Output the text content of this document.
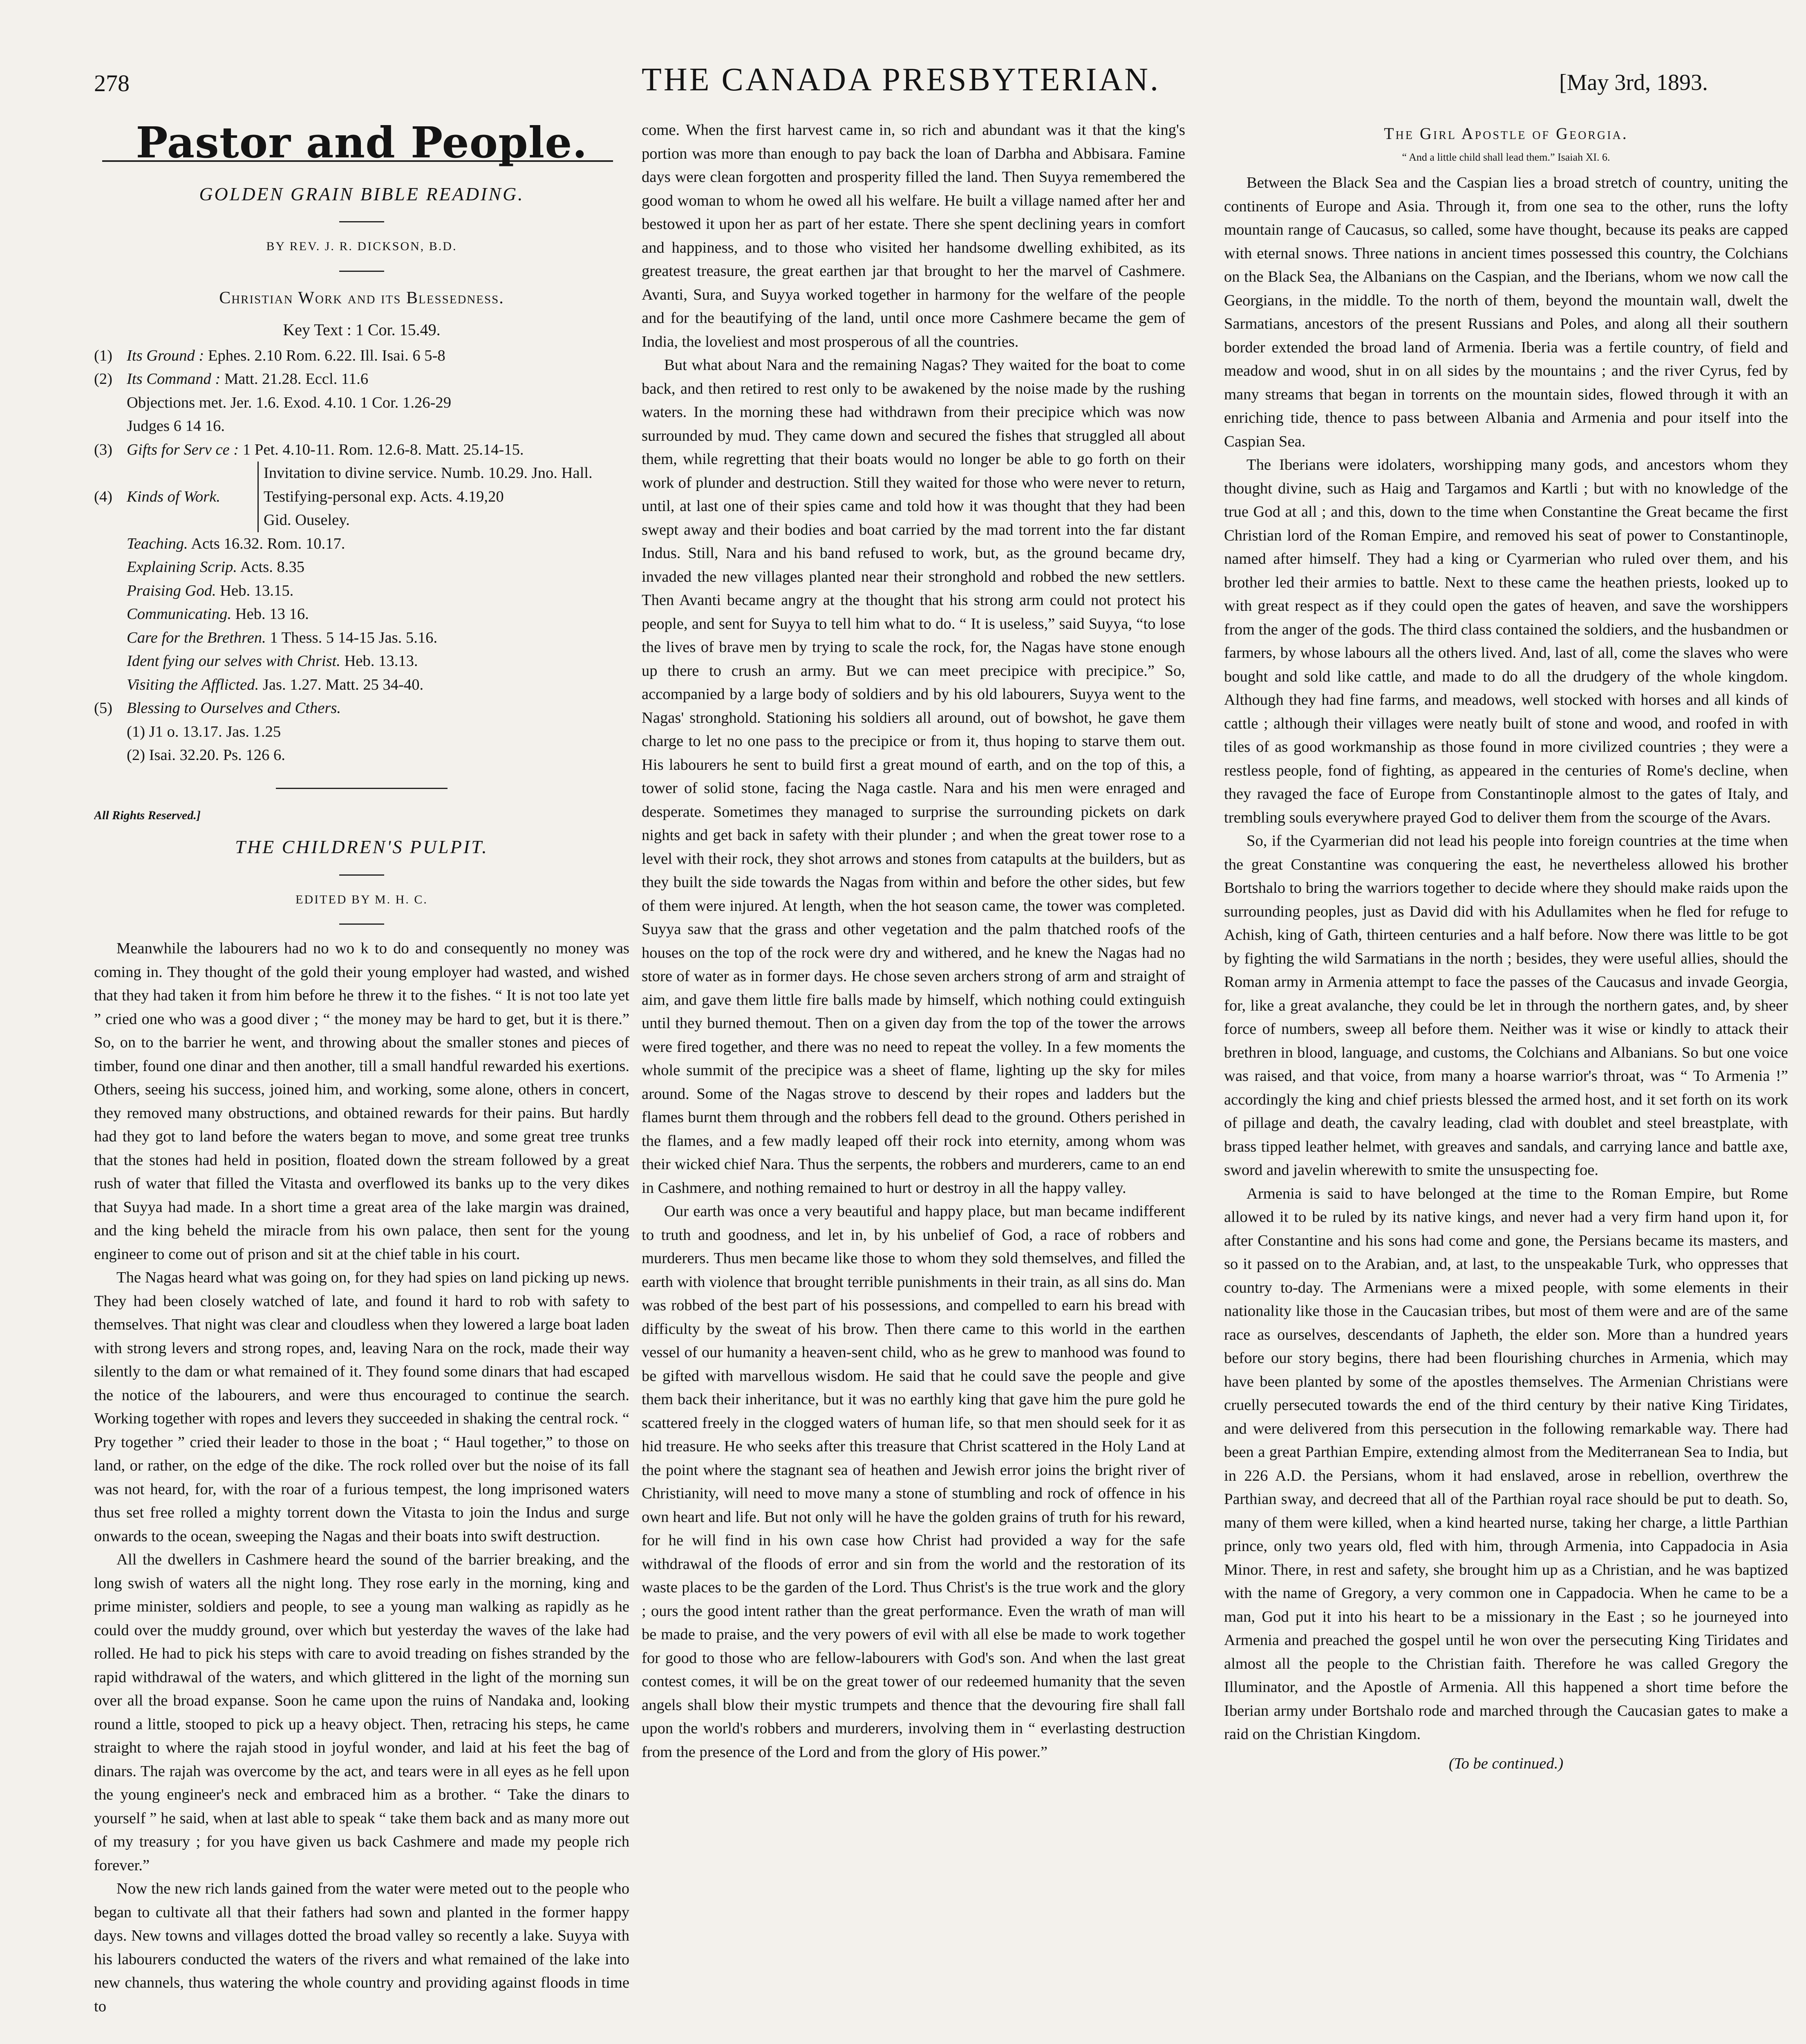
278	THE CANADA PRESBYTERIAN.	[May 3rd, 1893.
Pastor and People.
GOLDEN GRAIN BIBLE READING.
BY REV. J. R. DICKSON, B.D.
Christian Work and its Blessedness.
Key Text : 1 Cor. 15.49.
(1) Its Ground : Ephes. 2.10 Rom. 6.22. Ill. Isai. 6 5-8
(2) Its Command : Matt. 21.28. Eccl. 11.6
Objections met. Jer. 1.6. Exod. 4.10. 1 Cor. 1.26-29
Judges 6 14 16.
(3) Gifts for Serv ce : 1 Pet. 4.10-11. Rom. 12.6-8. Matt. 25.14-15.
(4) Kinds of Work.
Invitation to divine service. Numb. 10.29. Jno. Hall.
Testifying-personal exp. Acts. 4.19,20
Gid. Ouseley.
Teaching. Acts 16.32. Rom. 10.17.
Explaining Scrip. Acts. 8.35
Praising God. Heb. 13.15.
Communicating. Heb. 13 16.
Care for the Brethren. 1 Thess. 5 14-15 Jas. 5.16.
Ident fying our selves with Christ. Heb. 13.13.
Visiting the Afflicted. Jas. 1.27. Matt. 25 34-40.
(5) Blessing to Ourselves and Cthers.
(1) J1 o. 13.17. Jas. 1.25
(2) Isai. 32.20. Ps. 126 6.
All Rights Reserved.]
THE CHILDREN'S PULPIT.
EDITED BY M. H. C.

Meanwhile the labourers had no wo k to do and consequently no money was coming in. They thought of the gold their young employer had wasted, and wished that they had taken it from him before he threw it to the fishes. “ It is not too late yet ” cried one who was a good diver ; “ the money may be hard to get, but it is there.” So, on to the barrier he went, and throwing about the smaller stones and pieces of timber, found one dinar and then another, till a small handful rewarded his exertions. Others, seeing his success, joined him, and working, some alone, others in concert, they removed many obstructions, and obtained rewards for their pains. But hardly had they got to land before the waters began to move, and some great tree trunks that the stones had held in position, floated down the stream followed by a great rush of water that filled the Vitasta and overflowed its banks up to the very dikes that Suyya had made. In a short time a great area of the lake margin was drained, and the king beheld the miracle from his own palace, then sent for the young engineer to come out of prison and sit at the chief table in his court.

The Nagas heard what was going on, for they had spies on land picking up news. They had been closely watched of late, and found it hard to rob with safety to themselves. That night was clear and cloudless when they lowered a large boat laden with strong levers and strong ropes, and, leaving Nara on the rock, made their way silently to the dam or what remained of it. They found some dinars that had escaped the notice of the labourers, and were thus encouraged to continue the search. Working together with ropes and levers they succeeded in shaking the central rock. “ Pry together ” cried their leader to those in the boat ; “ Haul together,” to those on land, or rather, on the edge of the dike. The rock rolled over but the noise of its fall was not heard, for, with the roar of a furious tempest, the long imprisoned waters thus set free rolled a mighty torrent down the Vitasta to join the Indus and surge onwards to the ocean, sweeping the Nagas and their boats into swift destruction.

All the dwellers in Cashmere heard the sound of the barrier breaking, and the long swish of waters all the night long. They rose early in the morning, king and prime minister, soldiers and people, to see a young man walking as rapidly as he could over the muddy ground, over which but yesterday the waves of the lake had rolled. He had to pick his steps with care to avoid treading on fishes stranded by the rapid withdrawal of the waters, and which glittered in the light of the morning sun over all the broad expanse. Soon he came upon the ruins of Nandaka and, looking round a little, stooped to pick up a heavy object. Then, retracing his steps, he came straight to where the rajah stood in joyful wonder, and laid at his feet the bag of dinars. The rajah was overcome by the act, and tears were in all eyes as he fell upon the young engineer's neck and embraced him as a brother. “ Take the dinars to yourself ” he said, when at last able to speak “ take them back and as many more out of my treasury ; for you have given us back Cashmere and made my people rich forever.”

Now the new rich lands gained from the water were meted out to the people who began to cultivate all that their fathers had sown and planted in the former happy days. New towns and villages dotted the broad valley so recently a lake. Suyya with his labourers conducted the waters of the rivers and what remained of the lake into new channels, thus watering the whole country and providing against floods in time to

come. When the first harvest came in, so rich and abundant was it that the king's portion was more than enough to pay back the loan of Darbha and Abbisara. Famine days were clean forgotten and prosperity filled the land. Then Suyya remembered the good woman to whom he owed all his welfare. He built a village named after her and bestowed it upon her as part of her estate. There she spent declining years in comfort and happiness, and to those who visited her handsome dwelling exhibited, as its greatest treasure, the great earthen jar that brought to her the marvel of Cashmere. Avanti, Sura, and Suyya worked together in harmony for the welfare of the people and for the beautifying of the land, until once more Cashmere became the gem of India, the loveliest and most prosperous of all the countries.

But what about Nara and the remaining Nagas? They waited for the boat to come back, and then retired to rest only to be awakened by the noise made by the rushing waters. In the morning these had withdrawn from their precipice which was now surrounded by mud. They came down and secured the fishes that struggled all about them, while regretting that their boats would no longer be able to go forth on their work of plunder and destruction. Still they waited for those who were never to return, until, at last one of their spies came and told how it was thought that they had been swept away and their bodies and boat carried by the mad torrent into the far distant Indus. Still, Nara and his band refused to work, but, as the ground became dry, invaded the new villages planted near their stronghold and robbed the new settlers. Then Avanti became angry at the thought that his strong arm could not protect his people, and sent for Suyya to tell him what to do. “ It is useless,” said Suyya, “to lose the lives of brave men by trying to scale the rock, for, the Nagas have stone enough up there to crush an army. But we can meet precipice with precipice.” So, accompanied by a large body of soldiers and by his old labourers, Suyya went to the Nagas' stronghold. Stationing his soldiers all around, out of bowshot, he gave them charge to let no one pass to the precipice or from it, thus hoping to starve them out. His labourers he sent to build first a great mound of earth, and on the top of this, a tower of solid stone, facing the Naga castle. Nara and his men were enraged and desperate. Sometimes they managed to surprise the surrounding pickets on dark nights and get back in safety with their plunder ; and when the great tower rose to a level with their rock, they shot arrows and stones from catapults at the builders, but as they built the side towards the Nagas from within and before the other sides, but few of them were injured. At length, when the hot season came, the tower was completed. Suyya saw that the grass and other vegetation and the palm thatched roofs of the houses on the top of the rock were dry and withered, and he knew the Nagas had no store of water as in former days. He chose seven archers strong of arm and straight of aim, and gave them little fire balls made by himself, which nothing could extinguish until they burned themout. Then on a given day from the top of the tower the arrows were fired together, and there was no need to repeat the volley. In a few moments the whole summit of the precipice was a sheet of flame, lighting up the sky for miles around. Some of the Nagas strove to descend by their ropes and ladders but the flames burnt them through and the robbers fell dead to the ground. Others perished in the flames, and a few madly leaped off their rock into eternity, among whom was their wicked chief Nara. Thus the serpents, the robbers and murderers, came to an end in Cashmere, and nothing remained to hurt or destroy in all the happy valley.

Our earth was once a very beautiful and happy place, but man became indifferent to truth and goodness, and let in, by his unbelief of God, a race of robbers and murderers. Thus men became like those to whom they sold themselves, and filled the earth with violence that brought terrible punishments in their train, as all sins do. Man was robbed of the best part of his possessions, and compelled to earn his bread with difficulty by the sweat of his brow. Then there came to this world in the earthen vessel of our humanity a heaven-sent child, who as he grew to manhood was found to be gifted with marvellous wisdom. He said that he could save the people and give them back their inheritance, but it was no earthly king that gave him the pure gold he scattered freely in the clogged waters of human life, so that men should seek for it as hid treasure. He who seeks after this treasure that Christ scattered in the Holy Land at the point where the stagnant sea of heathen and Jewish error joins the bright river of Christianity, will need to move many a stone of stumbling and rock of offence in his own heart and life. But not only will he have the golden grains of truth for his reward, for he will find in his own case how Christ had provided a way for the safe withdrawal of the floods of error and sin from the world and the restoration of its waste places to be the garden of the Lord. Thus Christ's is the true work and the glory ; ours the good intent rather than the great performance. Even the wrath of man will be made to praise, and the very powers of evil with all else be made to work together for good to those who are fellow-labourers with God's son. And when the last great contest comes, it will be on the great tower of our redeemed humanity that the seven angels shall blow their mystic trumpets and thence that the devouring fire shall fall upon the world's robbers and murderers, involving them in “ everlasting destruction from the presence of the Lord and from the glory of His power.”

The Girl Apostle of Georgia.
“ And a little child shall lead them.” Isaiah XI. 6.

Between the Black Sea and the Caspian lies a broad stretch of country, uniting the continents of Europe and Asia. Through it, from one sea to the other, runs the lofty mountain range of Caucasus, so called, some have thought, because its peaks are capped with eternal snows. Three nations in ancient times possessed this country, the Colchians on the Black Sea, the Albanians on the Caspian, and the Iberians, whom we now call the Georgians, in the middle. To the north of them, beyond the mountain wall, dwelt the Sarmatians, ancestors of the present Russians and Poles, and along all their southern border extended the broad land of Armenia. Iberia was a fertile country, of field and meadow and wood, shut in on all sides by the mountains ; and the river Cyrus, fed by many streams that began in torrents on the mountain sides, flowed through it with an enriching tide, thence to pass between Albania and Armenia and pour itself into the Caspian Sea.

The Iberians were idolaters, worshipping many gods, and ancestors whom they thought divine, such as Haig and Targamos and Kartli ; but with no knowledge of the true God at all ; and this, down to the time when Constantine the Great became the first Christian lord of the Roman Empire, and removed his seat of power to Constantinople, named after himself. They had a king or Cyarmerian who ruled over them, and his brother led their armies to battle. Next to these came the heathen priests, looked up to with great respect as if they could open the gates of heaven, and save the worshippers from the anger of the gods. The third class contained the soldiers, and the husbandmen or farmers, by whose labours all the others lived. And, last of all, come the slaves who were bought and sold like cattle, and made to do all the drudgery of the whole kingdom. Although they had fine farms, and meadows, well stocked with horses and all kinds of cattle ; although their villages were neatly built of stone and wood, and roofed in with tiles of as good workmanship as those found in more civilized countries ; they were a restless people, fond of fighting, as appeared in the centuries of Rome's decline, when they ravaged the face of Europe from Constantinople almost to the gates of Italy, and trembling souls everywhere prayed God to deliver them from the scourge of the Avars.

So, if the Cyarmerian did not lead his people into foreign countries at the time when the great Constantine was conquering the east, he nevertheless allowed his brother Bortshalo to bring the warriors together to decide where they should make raids upon the surrounding peoples, just as David did with his Adullamites when he fled for refuge to Achish, king of Gath, thirteen centuries and a half before. Now there was little to be got by fighting the wild Sarmatians in the north ; besides, they were useful allies, should the Roman army in Armenia attempt to face the passes of the Caucasus and invade Georgia, for, like a great avalanche, they could be let in through the northern gates, and, by sheer force of numbers, sweep all before them. Neither was it wise or kindly to attack their brethren in blood, language, and customs, the Colchians and Albanians. So but one voice was raised, and that voice, from many a hoarse warrior's throat, was “ To Armenia !” accordingly the king and chief priests blessed the armed host, and it set forth on its work of pillage and death, the cavalry leading, clad with doublet and steel breastplate, with brass tipped leather helmet, with greaves and sandals, and carrying lance and battle axe, sword and javelin wherewith to smite the unsuspecting foe.

Armenia is said to have belonged at the time to the Roman Empire, but Rome allowed it to be ruled by its native kings, and never had a very firm hand upon it, for after Constantine and his sons had come and gone, the Persians became its masters, and so it passed on to the Arabian, and, at last, to the unspeakable Turk, who oppresses that country to-day. The Armenians were a mixed people, with some elements in their nationality like those in the Caucasian tribes, but most of them were and are of the same race as ourselves, descendants of Japheth, the elder son. More than a hundred years before our story begins, there had been flourishing churches in Armenia, which may have been planted by some of the apostles themselves. The Armenian Christians were cruelly persecuted towards the end of the third century by their native King Tiridates, and were delivered from this persecution in the following remarkable way. There had been a great Parthian Empire, extending almost from the Mediterranean Sea to India, but in 226 A.D. the Persians, whom it had enslaved, arose in rebellion, overthrew the Parthian sway, and decreed that all of the Parthian royal race should be put to death. So, many of them were killed, when a kind hearted nurse, taking her charge, a little Parthian prince, only two years old, fled with him, through Armenia, into Cappadocia in Asia Minor. There, in rest and safety, she brought him up as a Christian, and he was baptized with the name of Gregory, a very common one in Cappadocia. When he came to be a man, God put it into his heart to be a missionary in the East ; so he journeyed into Armenia and preached the gospel until he won over the persecuting King Tiridates and almost all the people to the Christian faith. Therefore he was called Gregory the Illuminator, and the Apostle of Armenia. All this happened a short time before the Iberian army under Bortshalo rode and marched through the Caucasian gates to make a raid on the Christian Kingdom.

(To be continued.)
